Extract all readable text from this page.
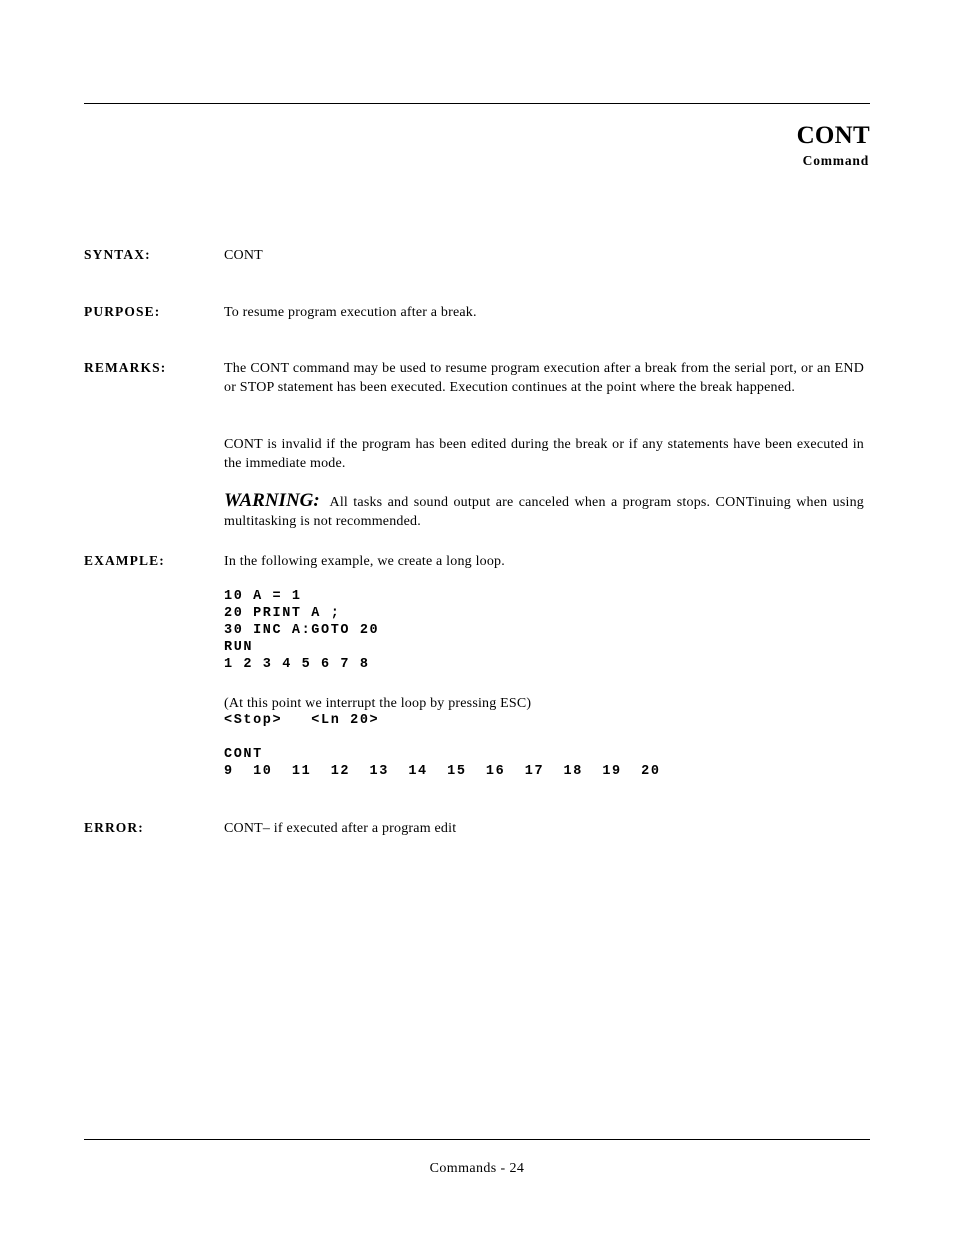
CONT
Command
SYNTAX:	CONT
PURPOSE:	To resume program execution after a break.
REMARKS:	The CONT command may be used to resume program execution after a break from the serial port, or an END or STOP statement has been executed. Execution continues at the point where the break happened.
CONT is invalid if the program has been edited during the break or if any statements have been executed in the immediate mode.
WARNING: All tasks and sound output are canceled when a program stops. CONTinuing when using multitasking is not recommended.
EXAMPLE:	In the following example, we create a long loop.
10 A = 1
20 PRINT A ;
30 INC A:GOTO 20
RUN
1 2 3 4 5 6 7 8
(At this point we interrupt the loop by pressing ESC)
<Stop>   <Ln 20>
CONT
9  10  11  12  13  14  15  16  17  18  19  20
ERROR:	CONT– if executed after a program edit
Commands - 24
